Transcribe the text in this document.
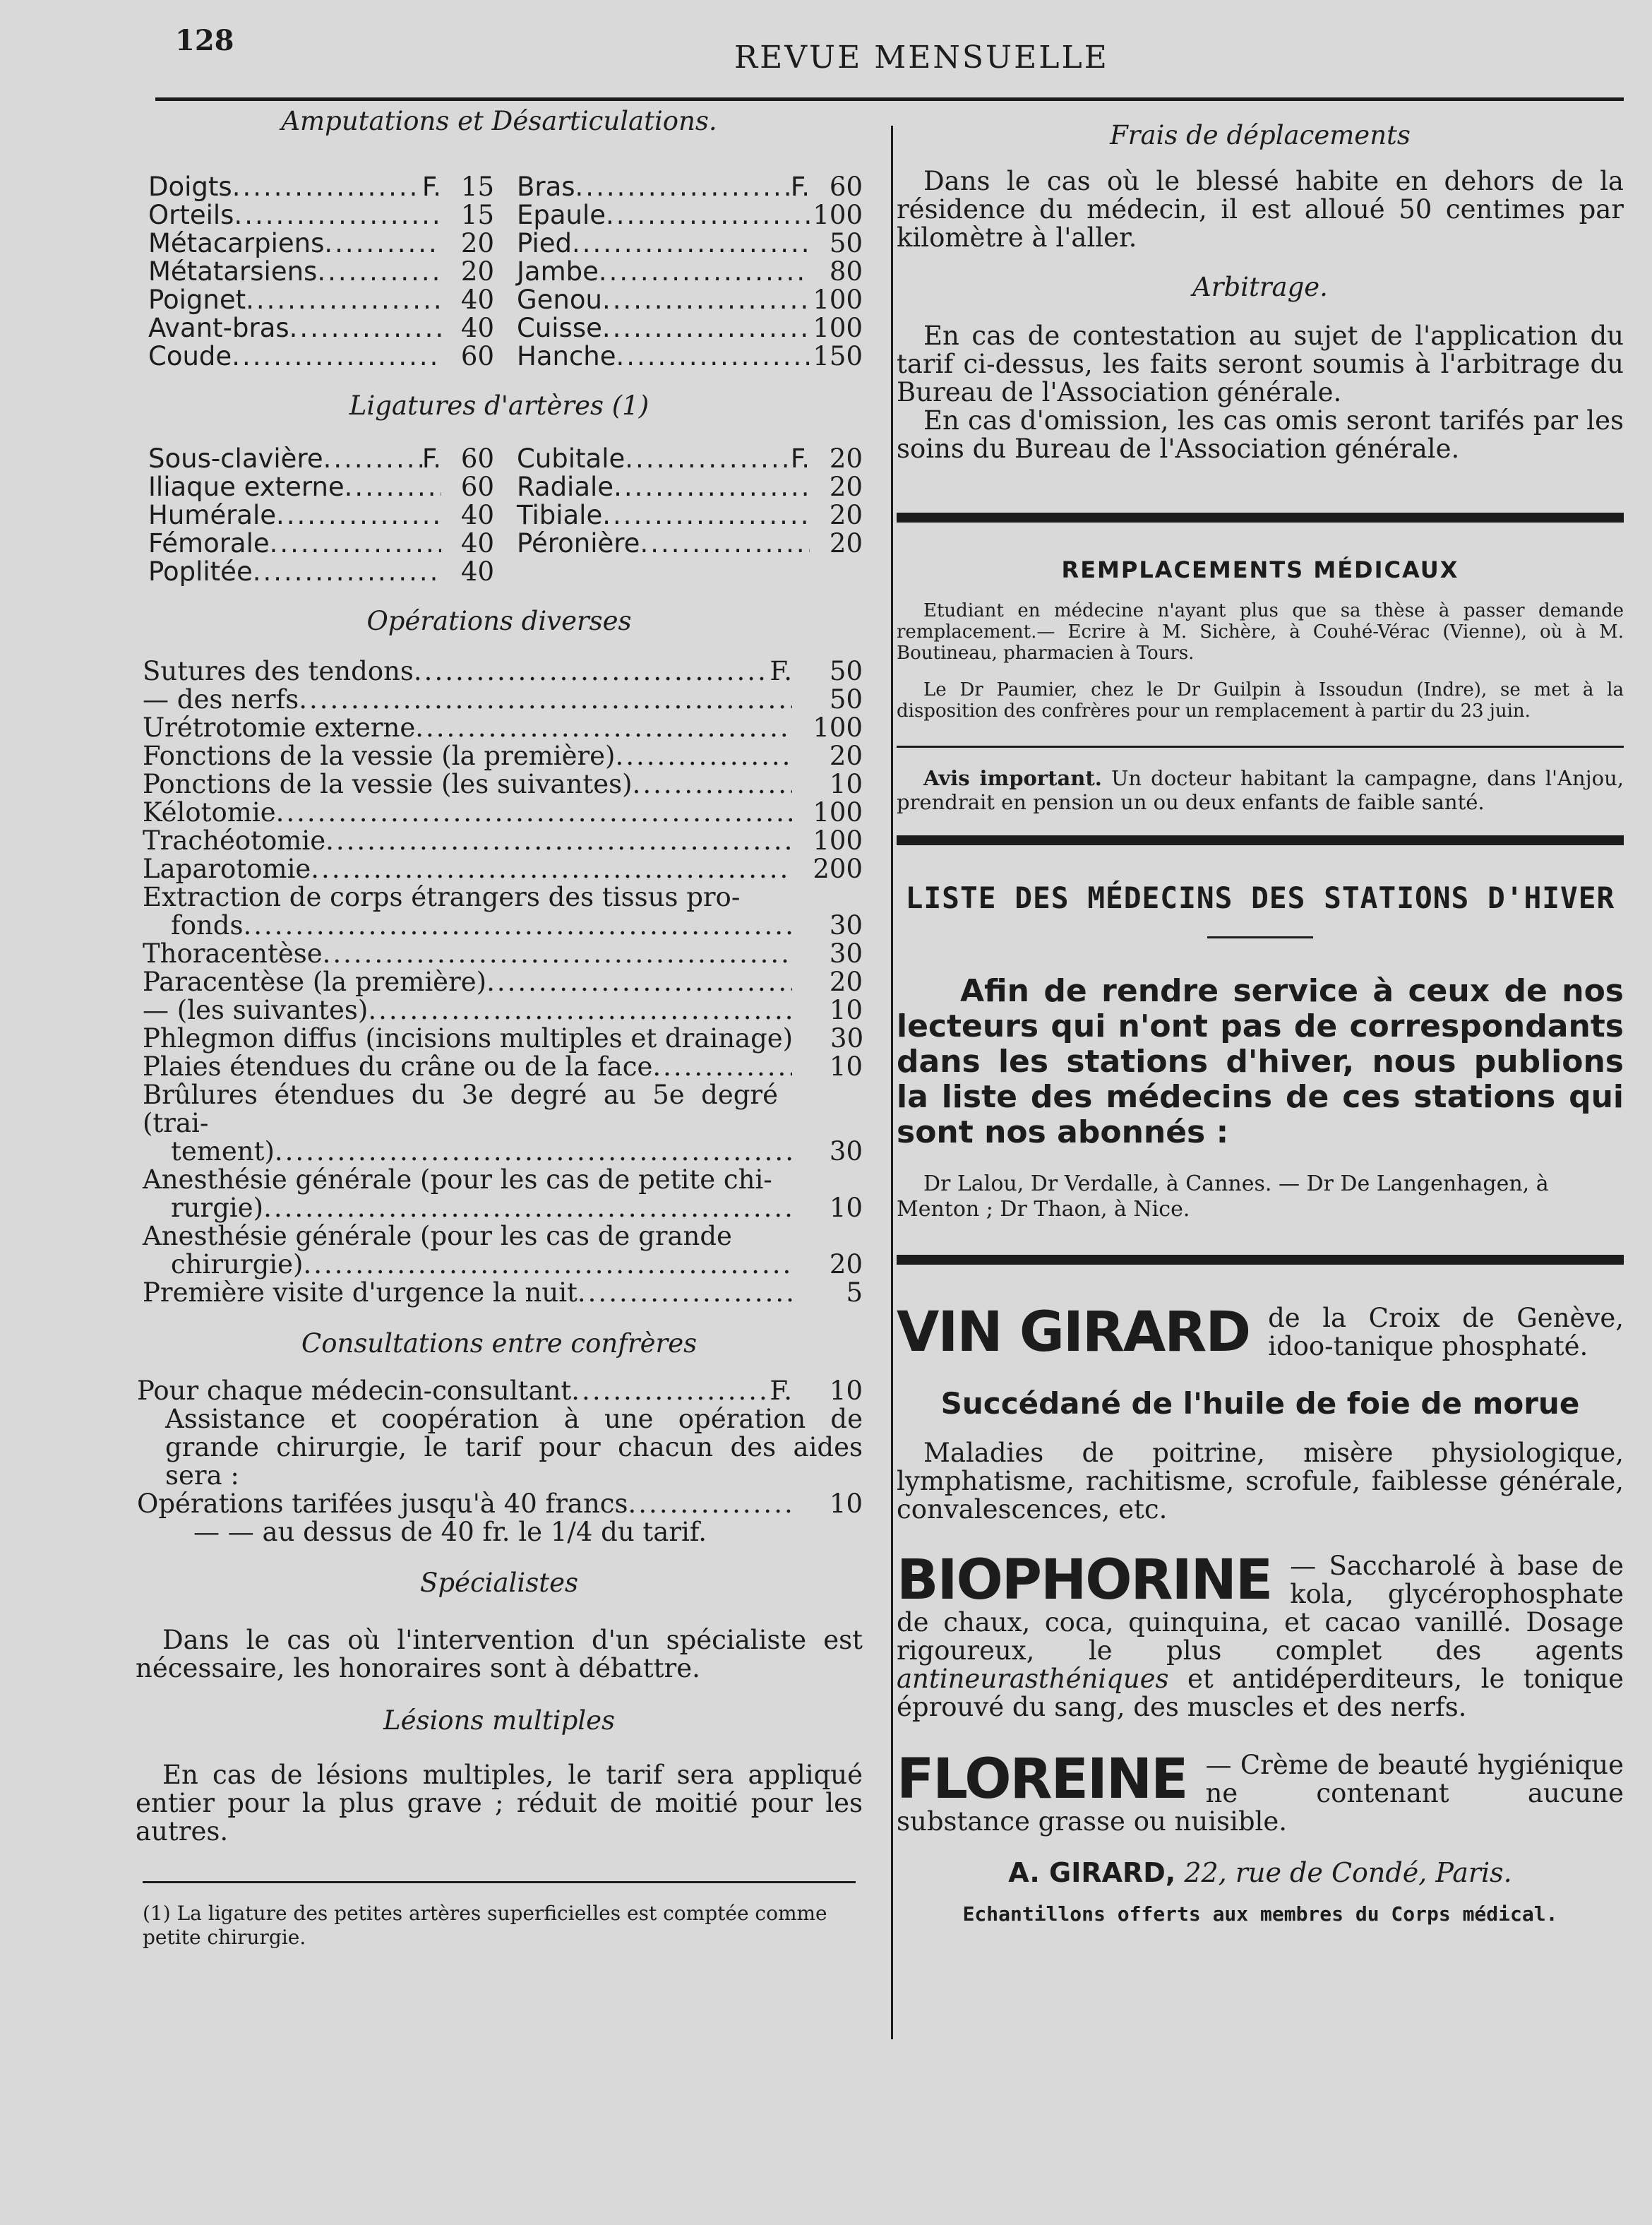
128	REVUE MENSUELLE

Amputations et Désarticulations.

Doigts .....	F. 15
Orteils .....	15
Métacarpiens .....	20
Métatarsiens .....	20
Poignet .....	40
Avant-bras .....	40
Coude .....	60
Bras .....	F. 60
Epaule .....	100
Pied .....	50
Jambe .....	80
Genou .....	100
Cuisse .....	100
Hanche .....	150

Ligatures d'artères (1)

Sous-clavière .....	F. 60
Iliaque externe .....	60
Humérale .....	40
Fémorale .....	40
Poplitée .....	40
Cubitale .....	F. 20
Radiale .....	20
Tibiale .....	20
Péronière .....	20

Opérations diverses

Sutures des tendons .....	F.	50
— des nerfs .....	50
Urétrotomie externe .....	100
Fonctions de la vessie (la première) .....	20
Ponctions de la vessie (les suivantes) .....	10
Kélotomie .....	100
Trachéotomie .....	100
Laparotomie .....	200
Extraction de corps étrangers des tissus pro-
fonds .....	30
Thoracentèse .....	30
Paracentèse (la première) .....	20
— (les suivantes) .....	10
Phlegmon diffus (incisions multiples et drainage)	30
Plaies étendues du crâne ou de la face .....	10
Brûlures étendues du 3e degré au 5e degré (trai-
tement) .....	30
Anesthésie générale (pour les cas de petite chi-
rurgie) .....	10
Anesthésie générale (pour les cas de grande
chirurgie) .....	20
Première visite d'urgence la nuit .....	5

Consultations entre confrères

Pour chaque médecin-consultant .....	F.	10

Assistance et coopération à une opération de grande chirurgie, le tarif pour chacun des aides sera :

Opérations tarifées jusqu'à 40 francs .....	10
— — au dessus de 40 fr. le 1/4 du tarif.

Spécialistes

Dans le cas où l'intervention d'un spécialiste est nécessaire, les honoraires sont à débattre.

Lésions multiples

En cas de lésions multiples, le tarif sera appliqué entier pour la plus grave ; réduit de moitié pour les autres.

(1) La ligature des petites artères superficielles est comptée comme petite chirurgie.

Frais de déplacements

Dans le cas où le blessé habite en dehors de la résidence du médecin, il est alloué 50 centimes par kilomètre à l'aller.

Arbitrage.

En cas de contestation au sujet de l'application du tarif ci-dessus, les faits seront soumis à l'arbitrage du Bureau de l'Association générale.

En cas d'omission, les cas omis seront tarifés par les soins du Bureau de l'Association générale.

REMPLACEMENTS MÉDICAUX

Etudiant en médecine n'ayant plus que sa thèse à passer demande remplacement.— Ecrire à M. Sichère, à Couhé-Vérac (Vienne), où à M. Boutineau, pharmacien à Tours.

Le Dr Paumier, chez le Dr Guilpin à Issoudun (Indre), se met à la disposition des confrères pour un remplacement à partir du 23 juin.

Avis important. Un docteur habitant la campagne, dans l'Anjou, prendrait en pension un ou deux enfants de faible santé.

LISTE DES MÉDECINS DES STATIONS D'HIVER

Afin de rendre service à ceux de nos lecteurs qui n'ont pas de correspondants dans les stations d'hiver, nous publions la liste des médecins de ces stations qui sont nos abonnés :

Dr Lalou, Dr Verdalle, à Cannes. — Dr De Langenhagen, à Menton ; Dr Thaon, à Nice.

VIN GIRARD de la Croix de Genève, idoo-tanique phosphaté.
Succédané de l'huile de foie de morue

Maladies de poitrine, misère physiologique, lymphatisme, rachitisme, scrofule, faiblesse générale, convalescences, etc.

BIOPHORINE — Saccharolé à base de kola, glycérophosphate de chaux, coca, quinquina, et cacao vanillé. Dosage rigoureux, le plus complet des agents antineurasthéniques et antidéperditeurs, le tonique éprouvé du sang, des muscles et des nerfs.
FLOREINE — Crème de beauté hygiénique ne contenant aucune substance grasse ou nuisible.
A. GIRARD, 22, rue de Condé, Paris.
Echantillons offerts aux membres du Corps médical.
